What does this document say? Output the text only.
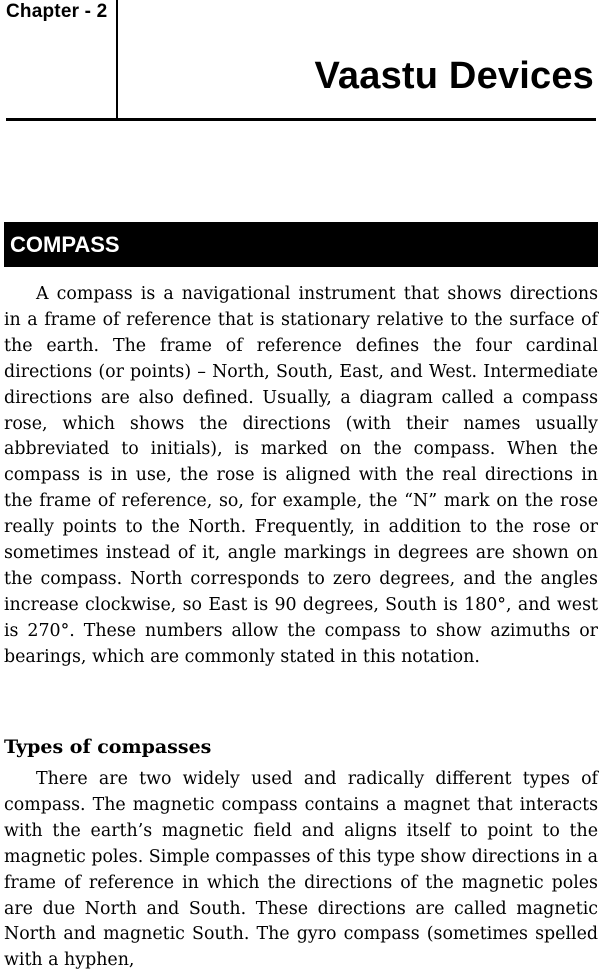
Chapter - 2
Vaastu Devices
COMPASS

A compass is a navigational instrument that shows directions in a frame of reference that is stationary relative to the surface of the earth. The frame of reference defines the four cardinal directions (or points) – North, South, East, and West. Intermediate directions are also defined. Usually, a diagram called a compass rose, which shows the directions (with their names usually abbreviated to initials), is marked on the compass. When the compass is in use, the rose is aligned with the real directions in the frame of reference, so, for example, the “N” mark on the rose really points to the North. Frequently, in addition to the rose or sometimes instead of it, angle markings in degrees are shown on the compass. North corresponds to zero degrees, and the angles increase clockwise, so East is 90 degrees, South is 180°, and west is 270°. These numbers allow the compass to show azimuths or bearings, which are commonly stated in this notation.

Types of compasses

There are two widely used and radically different types of compass. The magnetic compass contains a magnet that interacts with the earth’s magnetic field and aligns itself to point to the magnetic poles. Simple compasses of this type show directions in a frame of reference in which the directions of the magnetic poles are due North and South. These directions are called magnetic North and magnetic South. The gyro compass (sometimes spelled with a hyphen,
